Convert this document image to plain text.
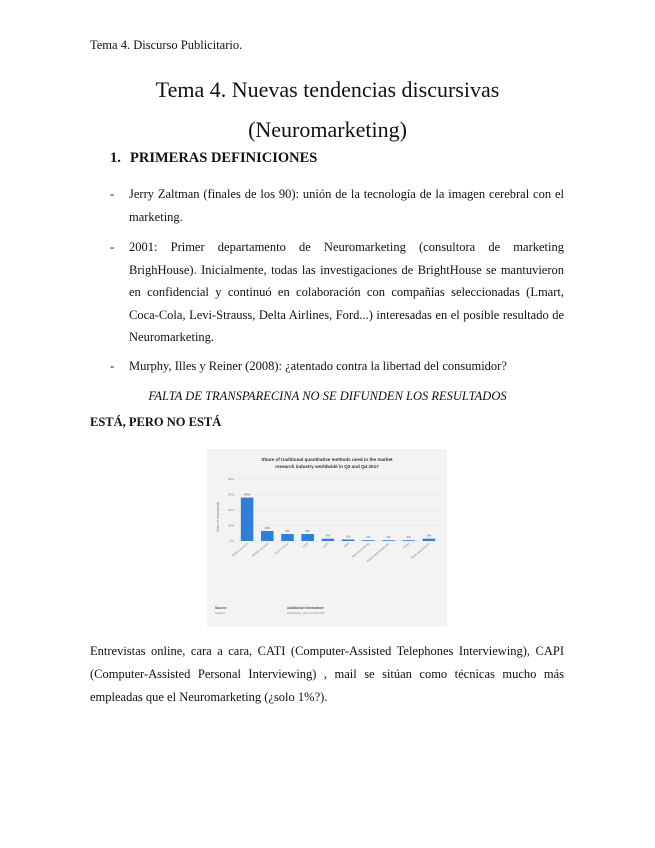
Tema 4. Discurso Publicitario.
Tema 4. Nuevas tendencias discursivas
(Neuromarketing)
1. PRIMERAS DEFINICIONES
- Jerry Zaltman (finales de los 90): unión de la tecnología de la imagen cerebral con el marketing.
- 2001: Primer departamento de Neuromarketing (consultora de marketing BrighHouse). Inicialmente, todas las investigaciones de BrightHouse se mantuvieron en confidencial y continuó en colaboración con compañías seleccionadas (Lmart, Coca-Cola, Levi-Strauss, Delta Airlines, Ford...) interesadas en el posible resultado de Neuromarketing.
- Murphy, Illes y Reiner (2008): ¿atentado contra la libertad del consumidor?
FALTA DE TRANSPARECINA NO SE DIFUNDEN LOS RESULTADOS
ESTÁ, PERO NO ESTÁ
Share of traditional quantitative methods used in the market
research industry worldwide in Q3 and Q4 2017
Share of respondents
0%
20%
40%
60%
80%
56%
Online surveys
13%
Mobile surveys
9%
Face-to-face
9%
CATI
3%
CAPI
2%
Mail
1%
Neuromarketing
1%
Automated telephone
1%
Other
3%
Other quantitative
Source
Statista
Additional Information:
Worldwide; Q3 and Q4 2017
Entrevistas online, cara a cara, CATI (Computer-Assisted Telephones Interviewing), CAPI (Computer-Assisted Personal Interviewing) , mail se sitúan como técnicas mucho más empleadas que el Neuromarketing (¿solo 1%?).
